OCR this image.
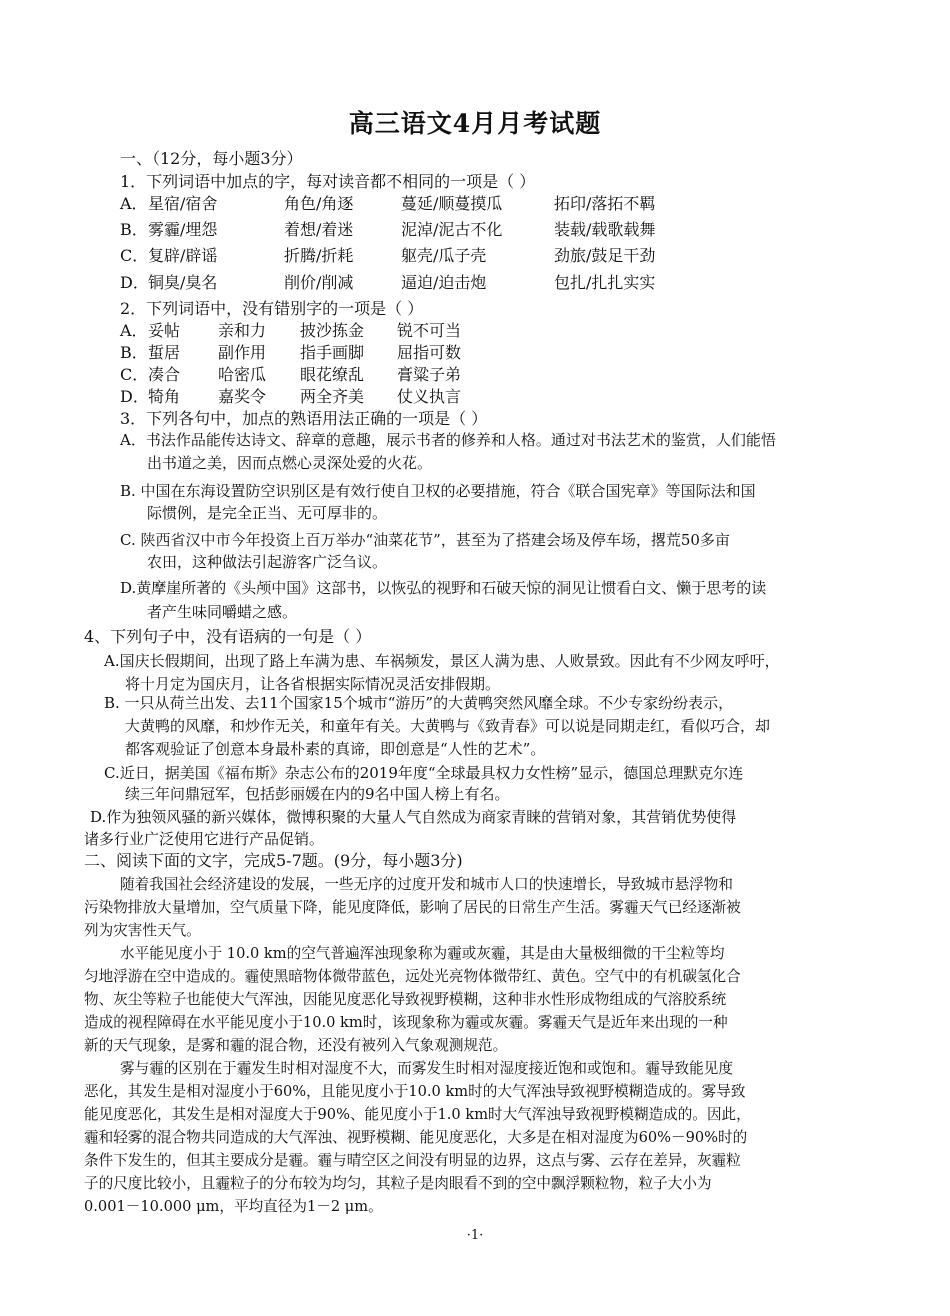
高三语文4月月考试题
一、（12分，每小题3分）
1．下列词语中加点的字，每对读音都不相同的一项是（ ）
A．星宿/宿舍	角色/角逐	蔓延/顺蔓摸瓜	拓印/落拓不羁
B．雾霾/埋怨	着想/着迷	泥淖/泥古不化	装载/载歌载舞
C．复辟/辟谣	折腾/折耗	躯壳/瓜子壳	劲旅/鼓足干劲
D．铜臭/臭名	削价/削减	逼迫/迫击炮	包扎/扎扎实实
2．下列词语中，没有错别字的一项是（ ）
A．妥帖 亲和力 披沙拣金 锐不可当
B．蜇居 副作用 指手画脚 屈指可数
C．凑合 哈密瓜 眼花缭乱 膏粱子弟
D．犄角 嘉奖令 两全齐美 仗义执言
3．下列各句中，加点的熟语用法正确的一项是（ ）
A．书法作品能传达诗文、辞章的意趣，展示书者的修养和人格。通过对书法艺术的鉴赏，人们能悟
出书道之美，因而点燃心灵深处爱的火花。
B. 中国在东海设置防空识别区是有效行使自卫权的必要措施，符合《联合国宪章》等国际法和国
际惯例，是完全正当、无可厚非的。
C. 陕西省汉中市今年投资上百万举办“油菜花节”，甚至为了搭建会场及停车场，撂荒50多亩
农田，这种做法引起游客广泛刍议。
D.黄摩崖所著的《头颅中国》这部书，以恢弘的视野和石破天惊的洞见让惯看白文、懒于思考的读
者产生味同嚼蜡之感。
4、下列句子中，没有语病的一句是（ ）
A.国庆长假期间，出现了路上车满为患、车祸频发，景区人满为患、人败景致。因此有不少网友呼吁，
将十月定为国庆月，让各省根据实际情况灵活安排假期。
B. 一只从荷兰出发、去11个国家15个城市“游历”的大黄鸭突然风靡全球。不少专家纷纷表示，
大黄鸭的风靡，和炒作无关，和童年有关。大黄鸭与《致青春》可以说是同期走红，看似巧合，却
都客观验证了创意本身最朴素的真谛，即创意是“人性的艺术”。
C.近日，据美国《福布斯》杂志公布的2019年度“全球最具权力女性榜”显示，德国总理默克尔连
续三年问鼎冠军，包括彭丽媛在内的9名中国人榜上有名。
D.作为独领风骚的新兴媒体，微博积聚的大量人气自然成为商家青睐的营销对象，其营销优势使得
诸多行业广泛使用它进行产品促销。
二、阅读下面的文字，完成5-7题。(9分，每小题3分)
随着我国社会经济建设的发展，一些无序的过度开发和城市人口的快速增长，导致城市悬浮物和
污染物排放大量增加，空气质量下降，能见度降低，影响了居民的日常生产生活。雾霾天气已经逐渐被
列为灾害性天气。
水平能见度小于 10.0 km的空气普遍浑浊现象称为霾或灰霾，其是由大量极细微的干尘粒等均
匀地浮游在空中造成的。霾使黑暗物体微带蓝色，远处光亮物体微带红、黄色。空气中的有机碳氢化合
物、灰尘等粒子也能使大气浑浊，因能见度恶化导致视野模糊，这种非水性形成物组成的气溶胶系统
造成的视程障碍在水平能见度小于10.0 km时，该现象称为霾或灰霾。雾霾天气是近年来出现的一种
新的天气现象，是雾和霾的混合物，还没有被列入气象观测规范。
雾与霾的区别在于霾发生时相对湿度不大，而雾发生时相对湿度接近饱和或饱和。霾导致能见度
恶化，其发生是相对湿度小于60%，且能见度小于10.0 km时的大气浑浊导致视野模糊造成的。雾导致
能见度恶化，其发生是相对湿度大于90%、能见度小于1.0 km时大气浑浊导致视野模糊造成的。因此，
霾和轻雾的混合物共同造成的大气浑浊、视野模糊、能见度恶化，大多是在相对湿度为60%－90%时的
条件下发生的，但其主要成分是霾。霾与晴空区之间没有明显的边界，这点与雾、云存在差异，灰霾粒
子的尺度比较小，且霾粒子的分布较为均匀，其粒子是肉眼看不到的空中飘浮颗粒物，粒子大小为
0.001－10.000 μm，平均直径为1－2 μm。
·1·
